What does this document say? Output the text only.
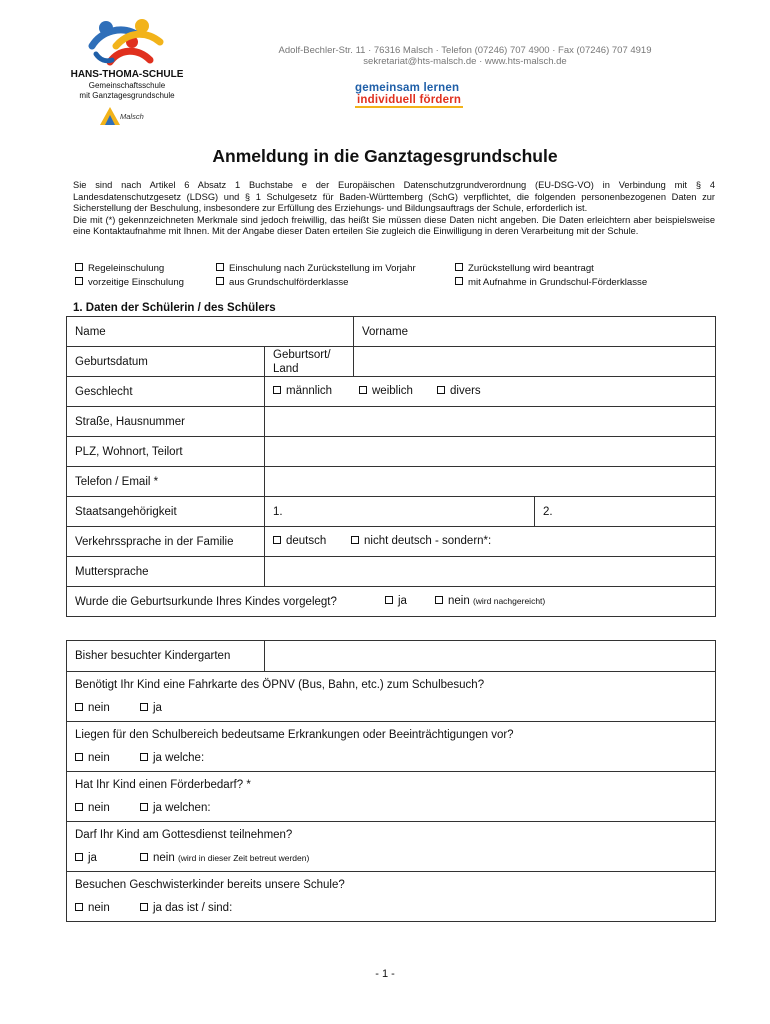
Adolf-Bechler-Str. 11 · 76316 Malsch · Telefon (07246) 707 4900 · Fax (07246) 707 4919
sekretariat@hts-malsch.de · www.hts-malsch.de
HANS-THOMA-SCHULE
Gemeinschaftsschule
mit Ganztagesgrundschule
Malsch
gemeinsam lernen
individuell fördern
Anmeldung in die Ganztagesgrundschule
Sie sind nach Artikel 6 Absatz 1 Buchstabe e der Europäischen Datenschutzgrundverordnung (EU-DSG-VO) in Verbindung mit § 4 Landesdatenschutzgesetz (LDSG) und § 1 Schulgesetz für Baden-Württemberg (SchG) verpflichtet, die folgenden personenbezogenen Daten zur Sicherstellung der Beschulung, insbesondere zur Erfüllung des Erziehungs- und Bildungsauftrags der Schule, erforderlich ist.
Die mit (*) gekennzeichneten Merkmale sind jedoch freiwillig, das heißt Sie müssen diese Daten nicht angeben. Die Daten erleichtern aber beispielsweise eine Kontaktaufnahme mit Ihnen. Mit der Angabe dieser Daten erteilen Sie zugleich die Einwilligung in deren Verarbeitung mit der Schule.
Regeleinschulung
vorzeitige Einschulung
Einschulung nach Zurückstellung im Vorjahr
aus Grundschulförderklasse
Zurückstellung wird beantragt
mit Aufnahme in Grundschul-Förderklasse
1. Daten der Schülerin / des Schülers
Name		Vorname	
Geburtsdatum	Geburtsort/
Land		

Geschlecht	männlich weiblich divers		

Straße, Hausnummer			
PLZ, Wohnort, Teilort			
Telefon / Email *			
Staatsangehörigkeit	1.		2.
Verkehrssprache in der Familie	deutsch nicht deutsch - sondern*:		

Muttersprache			
Wurde die Geburtsurkunde Ihres Kindes vorgelegt? ja nein (wird nachgereicht)			
Bisher besuchter Kindergarten	

Benötigt Ihr Kind eine Fahrkarte des ÖPNV (Bus, Bahn, etc.) zum Schulbesuch?
nein	ja

Liegen für den Schulbereich bedeutsame Erkrankungen oder Beeinträchtigungen vor?
nein	ja welche:

Hat Ihr Kind einen Förderbedarf? *
nein	ja welchen:

Darf Ihr Kind am Gottesdienst teilnehmen?
ja	nein (wird in dieser Zeit betreut werden)

Besuchen Geschwisterkinder bereits unsere Schule?
nein	ja das ist / sind:
- 1 -
